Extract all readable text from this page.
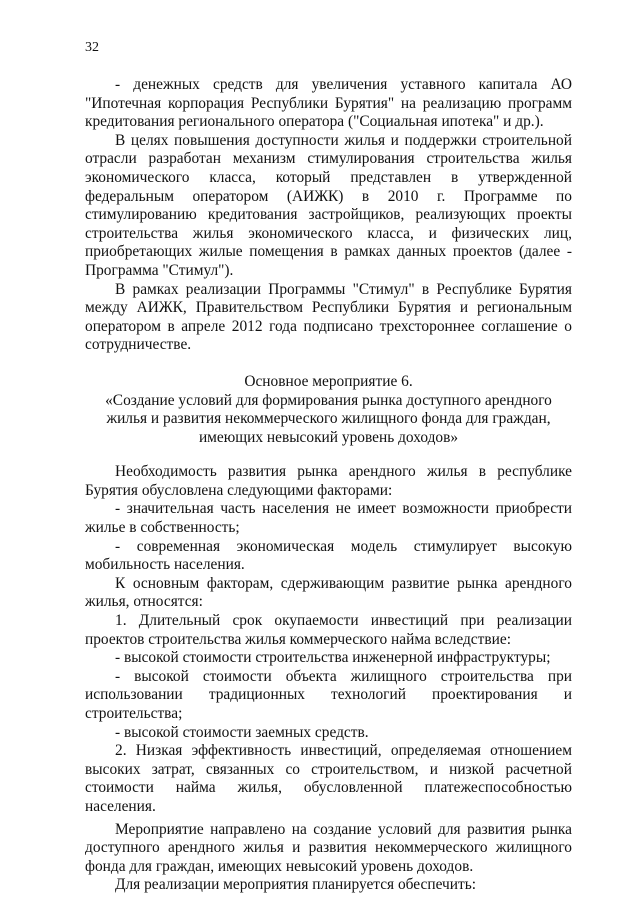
32

- денежных средств для увеличения уставного капитала АО "Ипотечная корпорация Республики Бурятия" на реализацию программ кредитования регионального оператора ("Социальная ипотека" и др.).

В целях повышения доступности жилья и поддержки строительной отрасли разработан механизм стимулирования строительства жилья экономического класса, который представлен в утвержденной федеральным оператором (АИЖК) в 2010 г. Программе по стимулированию кредитования застройщиков, реализующих проекты строительства жилья экономического класса, и физических лиц, приобретающих жилые помещения в рамках данных проектов (далее - Программа "Стимул").

В рамках реализации Программы "Стимул" в Республике Бурятия между АИЖК, Правительством Республики Бурятия и региональным оператором в апреле 2012 года подписано трехстороннее соглашение о сотрудничестве.

Основное мероприятие 6.

«Создание условий для формирования рынка доступного арендного жилья и развития некоммерческого жилищного фонда для граждан, имеющих невысокий уровень доходов»

Необходимость развития рынка арендного жилья в республике Бурятия обусловлена следующими факторами:

- значительная часть населения не имеет возможности приобрести жилье в собственность;

- современная экономическая модель стимулирует высокую мобильность населения.

К основным факторам, сдерживающим развитие рынка арендного жилья, относятся:

1. Длительный срок окупаемости инвестиций при реализации проектов строительства жилья коммерческого найма вследствие:

- высокой стоимости строительства инженерной инфраструктуры;

- высокой стоимости объекта жилищного строительства при использовании традиционных технологий проектирования и строительства;

- высокой стоимости заемных средств.

2. Низкая эффективность инвестиций, определяемая отношением высоких затрат, связанных со строительством, и низкой расчетной стоимости найма жилья, обусловленной платежеспособностью населения.

Мероприятие направлено на создание условий для развития рынка доступного арендного жилья и развития некоммерческого жилищного фонда для граждан, имеющих невысокий уровень доходов.

Для реализации мероприятия планируется обеспечить:
